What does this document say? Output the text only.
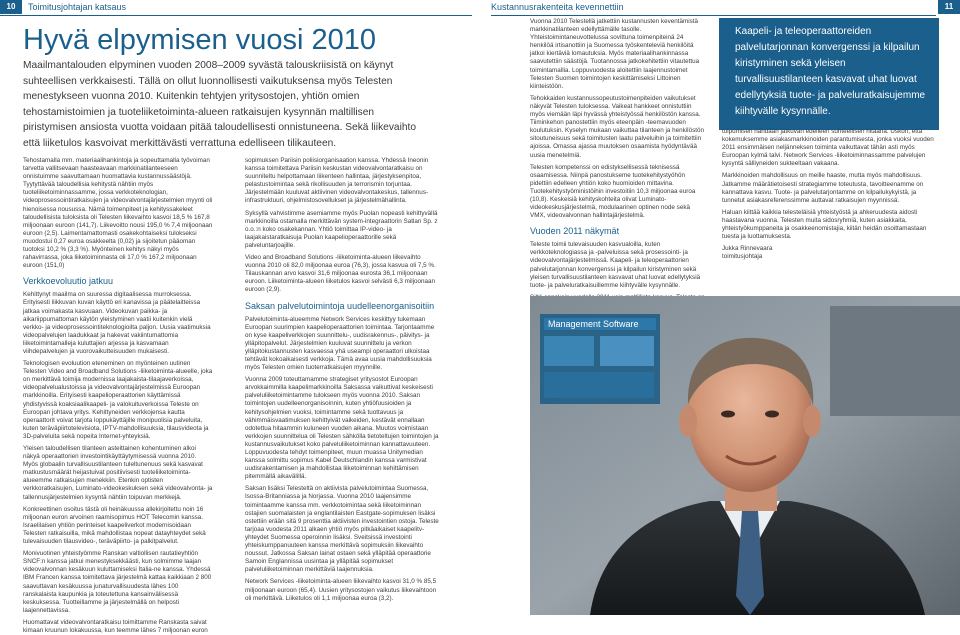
10	Toimitusjohtajan katsaus	Kustannusrakenteita kevennettiin	11
Hyvä elpymisen vuosi 2010
Maailmantalouden elpyminen vuoden 2008–2009 syvästä talouskriisistä on käynyt suhteellisen verkkaisesti. Tällä on ollut luonnollisesti vaikutuksensa myös Telesten menestykseen vuonna 2010. Kuitenkin tehtyjen yritysostojen, yhtiön omien tehostamistoimien ja tuoteliiketoiminta-alueen ratkaisujen kysynnän maltillisen piristymisen ansiosta vuotta voidaan pitää taloudellisesti onnistuneena. Sekä liikevaihto että liiketulos kasvoivat merkittävästi verrattuna edelliseen tilikauteen.

Tehostamalla mm. materiaalihankintoja ja sopeuttamalla työvoiman tarvetta vallitsevaan haasteavaan markkinatilanteeseen onnistuimme saavuttamaan huomattavia kustannussäästöjä. Tyytyttävää taloudellisia kehitystä nähtiin myös tuoteliiketoiminnassamme, jossa verkkoteknologian, videoprosessointiratkaisujen ja videovalvontajärjestelmien myynti oli hienoisessa nousussa. Nämä toimenpiteet ja kehityssakeleet taloudellisista tuloksista oli Telesten liikevaihto kasvoi 18,5 % 167,8 miljoonaan euroon (141,7). Liikevoitto nousi 195,0 % 7,4 miljoonaan euroon (2,5). Laimentamattomasti osakekohtaiseksi tulokseksi muodostui 0,27 euroa osakkeelta (0,02) ja sijoitetun pääoman tuotoksi 10,2 % (3,3 %). Myönteinen kehitys näkyi myös rahavirrassa, joka liiketoiminnasta oli 17,0 % 167,2 miljoonaan euroon (151,0)

Verkkoevoluutio jatkuu

Kehittynyt maailma on suuressa digitaalisessa murroksessa. Erityisesti liikkuvan kuvan käyttö eri kanavissa ja päätelaitteissa jatkaa voimakasta kasvuaan. Videokuvan paikka- ja aikariippumattoman käytön yleistyminen vaatii kuitenkin vielä verkko- ja videoprosessointiteknologioilta paljon. Uusia vaatimuksia videopalvelujen laadukkaat ja hakevat vakiintumattomia liiketoimintamalleja kuluttajien arjessa ja kasvamaan viihdepalvelujen ja vuorovaikutteisuuden mukaisesti.

Teknologisen evoluution eteneminen on myönteinen uutinen Telesten Video and Broadband Solutions -liiketoiminta-alueelle, joka on merkittävä toimija modernissa laajakaista-tilaajaverkoissa, videopalvelualustoissa ja videovalvontajärjestelmissä Euroopan markkinoilla. Erityisesti kaapelioperaattorien käyttämissä yhdistyvissä koaksiaalikaapeli- ja valokuituverkoissa Teleste on Euroopan johtava yritys. Kehittyneiden verkkojensa kautta operaattorit voivat tarjota loppukäyttäjille monipuolisia palveluita, kuten teräväpiirtotelevisiota, IPTV-mahdollisuuksia, tilausvideota ja 3D-palveluita sekä nopeita Internet-yhteyksiä.

Yleisen taloudellisen tilanteen asteittainen kohentuminen alkoi näkyä operaattorien investointikäyttäytymisessä vuonna 2010. Myös globaalin turvallisuustilanteen tuleltunenuus sekä kasvavat matkustusmäärät heijastuivat positiivisesti tuoteliiketoiminta-alueemme ratkaisujen menekkiin. Etenkin optisten verkkoratkaisujen, Luminato-videokeskuksen sekä videovalvonta- ja tallennusjärjestelmien kysyntä nähtiin toipuvan merkkejä.

Konkreettinen osoitus tästä oli heinäkuussa allekirjoitettu noin 16 miljoonan euron arvoinen raamisopimus HOT Telecomin kanssa. Israelilaisen yhtiön perinteiset kaapeliverkot modernisoidaan Telesten ratkaisuilla, mikä mahdollistaa nopeat datayhteydet sekä tulevaisuuden tilausvideo-, teräväpiirto- ja palkitpalvelut.

Monivuotinen yhteistyömme Ranskan valtiollisen rautatieyhtiön SNCF:n kanssa jatkui menestyksekkäästi, kun solmimme laajan videovalvonnan kesäkuun kuluttamiseksi Italia-ne kanssa. Yhdessä IBM Francen kanssa toimitettava järjestelmä kattaa kaikkiaan 2 800 saavuttavan kesäkuussa junaturvallisuudesta lähes 100 ranskalaista kaupunkia ja toteutettuna kansainvälisessä keskuksessa. Tuotteillamme ja järjestelmällä on helposti laajennettavissa.

Huomattavat videovalvontaratkaisu toimittamme Ranskasta saivat kimaan kruunun lokakuussa, kun teemme lähes 7 miljoonan euron

sopimuksen Pariisin poliisiorganisaation kanssa. Yhdessä Ineonin kanssa toimitettava Pariisin keskustan videovalvontaratkaisu on suunniteltu helpottamaan liikenteen hallintaa, järjestyksenpitoa, pelastustoimintaa sekä rikollisuuden ja terrorismin torjuntaa. Järjestelmään kuuluvat aktiivinen videovalvontakeskus, tallennus-infrastruktuuri, ohjelmistosovellukset ja järjestelmähallinta.

Syksyllä vahvistimme asemiamme myös Puolan nopeasti kehittyvällä markkinoilla ostamalla merkittävän system-integraattorin Satlan Sp. z o.o.:n koko osakekannan. Yhtiö toimittaa IP-video- ja laajakaistaratkaisuja Puolan kaapelioperaattorille sekä palveluntarjoajille.

Video and Broadband Solutions -liiketoiminta-alueen liikevaihto vuonna 2010 oli 82,0 miljoonaa euroa (76,3), jossa kasvua oli 7,5 %. Tilauskannan arvo kasvoi 31,6 miljoonaa eurosta 36,1 miljoonaan euroon. Liiketoiminta-alueen liiketulos kasvoi selvästi 6,3 miljoonaan euroon (2,9).

Saksan palvelutoimintoja uudelleenorganisoitiin

Palvelutoiminta-alueemme Network Services keskittyy tukemaan Euroopan suurimpien kaapelioperaattorien toimintaa. Tarjontaamme on kyse kaapeliverkkojen suunnittelu-, uudisrakennus-, päivitys- ja ylläpitopalvelut. Järjestelmien kuuluvat suunnittelu ja verkon ylläpitokustannusten kasvaessa yhä useampi operaattori ulkoistaa tehtävät kokoaikaisesti verkkoja. Tämä avaa uusia mahdollisuuksia myös Telesten omien tuoterratkaisujen myynnille.

Vuonna 2009 toteuttamamme strategiset yritysostot Euroopan arvokkaimmilla kaapelimarkkinoilla Saksassa vaikuttivat keskeisesti palveluliiketoimintamme tulokseen myös vuonna 2010. Saksan toimintojen uudelleenorganisoinnin, kuten yhtiöfuusioiden ja kehitysohjelmien vuoksi, toimintamme sekä tuottavuus ja vähimmäisvaatimuksen kehittyivät vaikeiden, kestävät ennallaan odotettua hitaammin kuluneen vuoden aikana. Muutos voimistaan verkkojen suunnittelua oli Telesten sähkölla tietoteltujen toimintojen ja kustannusvaikutukset koko palveluliiketoiminnan kannattavuuteen. Loppuvuodesta tehdyt toimenpiteet, muun muassa Unitymedian kanssa solmittu sopimus Kabel Deutschlandin kanssa varmistivat uudisrakentamisen ja mahdollistaa liiketoiminnan kehittämisen pitemmällä aikavälillä.

Saksan lisäksi Telesteltä on aktiivista palvelutoimintaa Suomessa, Isossa-Britanniassa ja Norjassa. Vuonna 2010 laajensimme toimintaamme kanssa mm. verkkotoimintaa sekä liiketoiminnan ostajien suomalaisten ja englantilaisten Eastgate-sopimuksen lisäksi ostettiin erään sitä 9 prosenttia aktiivisten investointien ostoja. Teleste tarjoaa vuodesta 2011 alkaen yhtiö myös pitkäaikaiset kaapelitv-yhteydet Suomessa operoinnin lisäksi. Sveitsissä investointi yhteiskumppanuuteen kanssa merkittävä sopimuksiin liikevaihto noussut. Jatkossa Saksan lainat ostaen sekä ylläpitää operaattorie Samoin Englannissa uusintaa ja ylläpitää sopimukset palveluliiketoiminnan merkittäviä laajennuksia.

Network Services -liiketoiminta-alueen liikevaihto kasvoi 31,0 % 85,5 miljoonaan euroon (65,4). Uusien yritysostojen vaikutus liikevaihtoon oli merkittävä. Liiketulos oli 1,1 miljoonaa euroa (3,2).

Vuonna 2010 Telestellä jatkettiin kustannusten keventämistä markkinatilanteen edellyttämälle tasolle. Yhteistoimintaneuvottelussa sovittuna toimenpiteinä 24 henkilöä irtisanottiin ja Suomessa työskenteleviä henkilöitä jatkoi kiertäviä lomautuksia. Myös materiaalihankinnassa saavutettiin säästöjä. Tuotannossa jatkokehitettiin vitautettua toimintamallia. Loppuvuodesta aloitettiin laajennustoimet Telesten Suomen toimintojen keskittämiseksi Littoinen kiinteistöön.

Tehokkaiden kustannussopeutustoimenpiteiden vaikutukset näkyvät Telesten tuloksessa. Vaikeat hankkeet onnistuttiin myös viemään läpi hyvässä yhteistyössä henkilöstön kanssa. Tiiminkehon panostettiin myös eteenpäin -teemavuoden koulutuksin. Kyselyn mukaan vaikuttaa tilanteen ja henkilöstön sitoutuneisuus sekä toimitusten laatu palveluihin ja toimitettiin ajoissa. Omassa ajassa muutoksen osaamista hyödyntävää uusia menetelmiä.

Telesten kompetenssi on edistyksellisessä teknisessä osaamisessa. Niinpä panostukseme tuotekehitystyöhön pidettiin edelleen yhtiön koko huomioiden mittavina. Tuotekehitystyöministöihin investoitiin 10,3 miljoonaa euroa (10,8). Keskeisiä kehityskohteita olivat Luminato-videokeskusjärjestelmä, modulaarinen optinen node sekä VMX, videovalvonnan hallintajärjestelmä.

Vuoden 2011 näkymät

Teleste toimii tulevaisuuden kasvualoilla, kuten verkkoteknologiassa ja -palveluissa sekä prosessointi- ja videovalvontajärjestelmissä. Kaapeli- ja teleoperaattorien palvelutarjonnan konvergenssi ja kilpailun kiristyminen sekä yleisen turvallisuustilanteen kasvavat uhat luovat edellytyksiä tuote- ja palveluratkaisuillemme kiihtyvälle kysynnälle.

Kaapeli- ja teleoperaattoreiden palvelutarjonnan konvergenssi ja kilpailun kiristyminen sekä yleisen turvallisuustilanteen kasvavat uhat luovat edellytyksiä tuote- ja palveluratkaisujemme kiihtyvälle kysynnälle.

toipumisen nähdään jatkuvan edelleen suhteellisen hitaana. Uskon, että kokemuksemme asiakasmarkkinoiden parantumisesta, jonka vuoksi vuoden 2011 ensimmäisen neljänneksen toiminta vaikuttavat tähän asti myös Euroopan kylmä talvi. Network Services -liiketoiminnassamme palvelujen kysyntä sälliyneiden sukteeltaan vakaana.

Markkinoiden mahdollisuus on meille haaste, mutta myös mahdollisuus. Jatkamme määrätietoisesti strategiamme toteutusta, tavoitteenamme on kannattava kasvu. Tuote- ja palvelutarjontamme on kilpailukykyistä, ja tunnetut asiakasreferenssimme auttavat ratkaisujen myynnissä.

Haluan kiittää kaikkia telesteläisiä yhteistyöstä ja ahkeruudesta aidosti haastavana vuonna. Telesten muita sidosryhmiä, kuten asiakkaita, yhteistyökumppaneita ja osakkeenomistajia, kiitän heidän osoittamastaan tuesta ja luottamuksesta.

Jukka Rinnevaara
toimitusjohtaja
Management Software
